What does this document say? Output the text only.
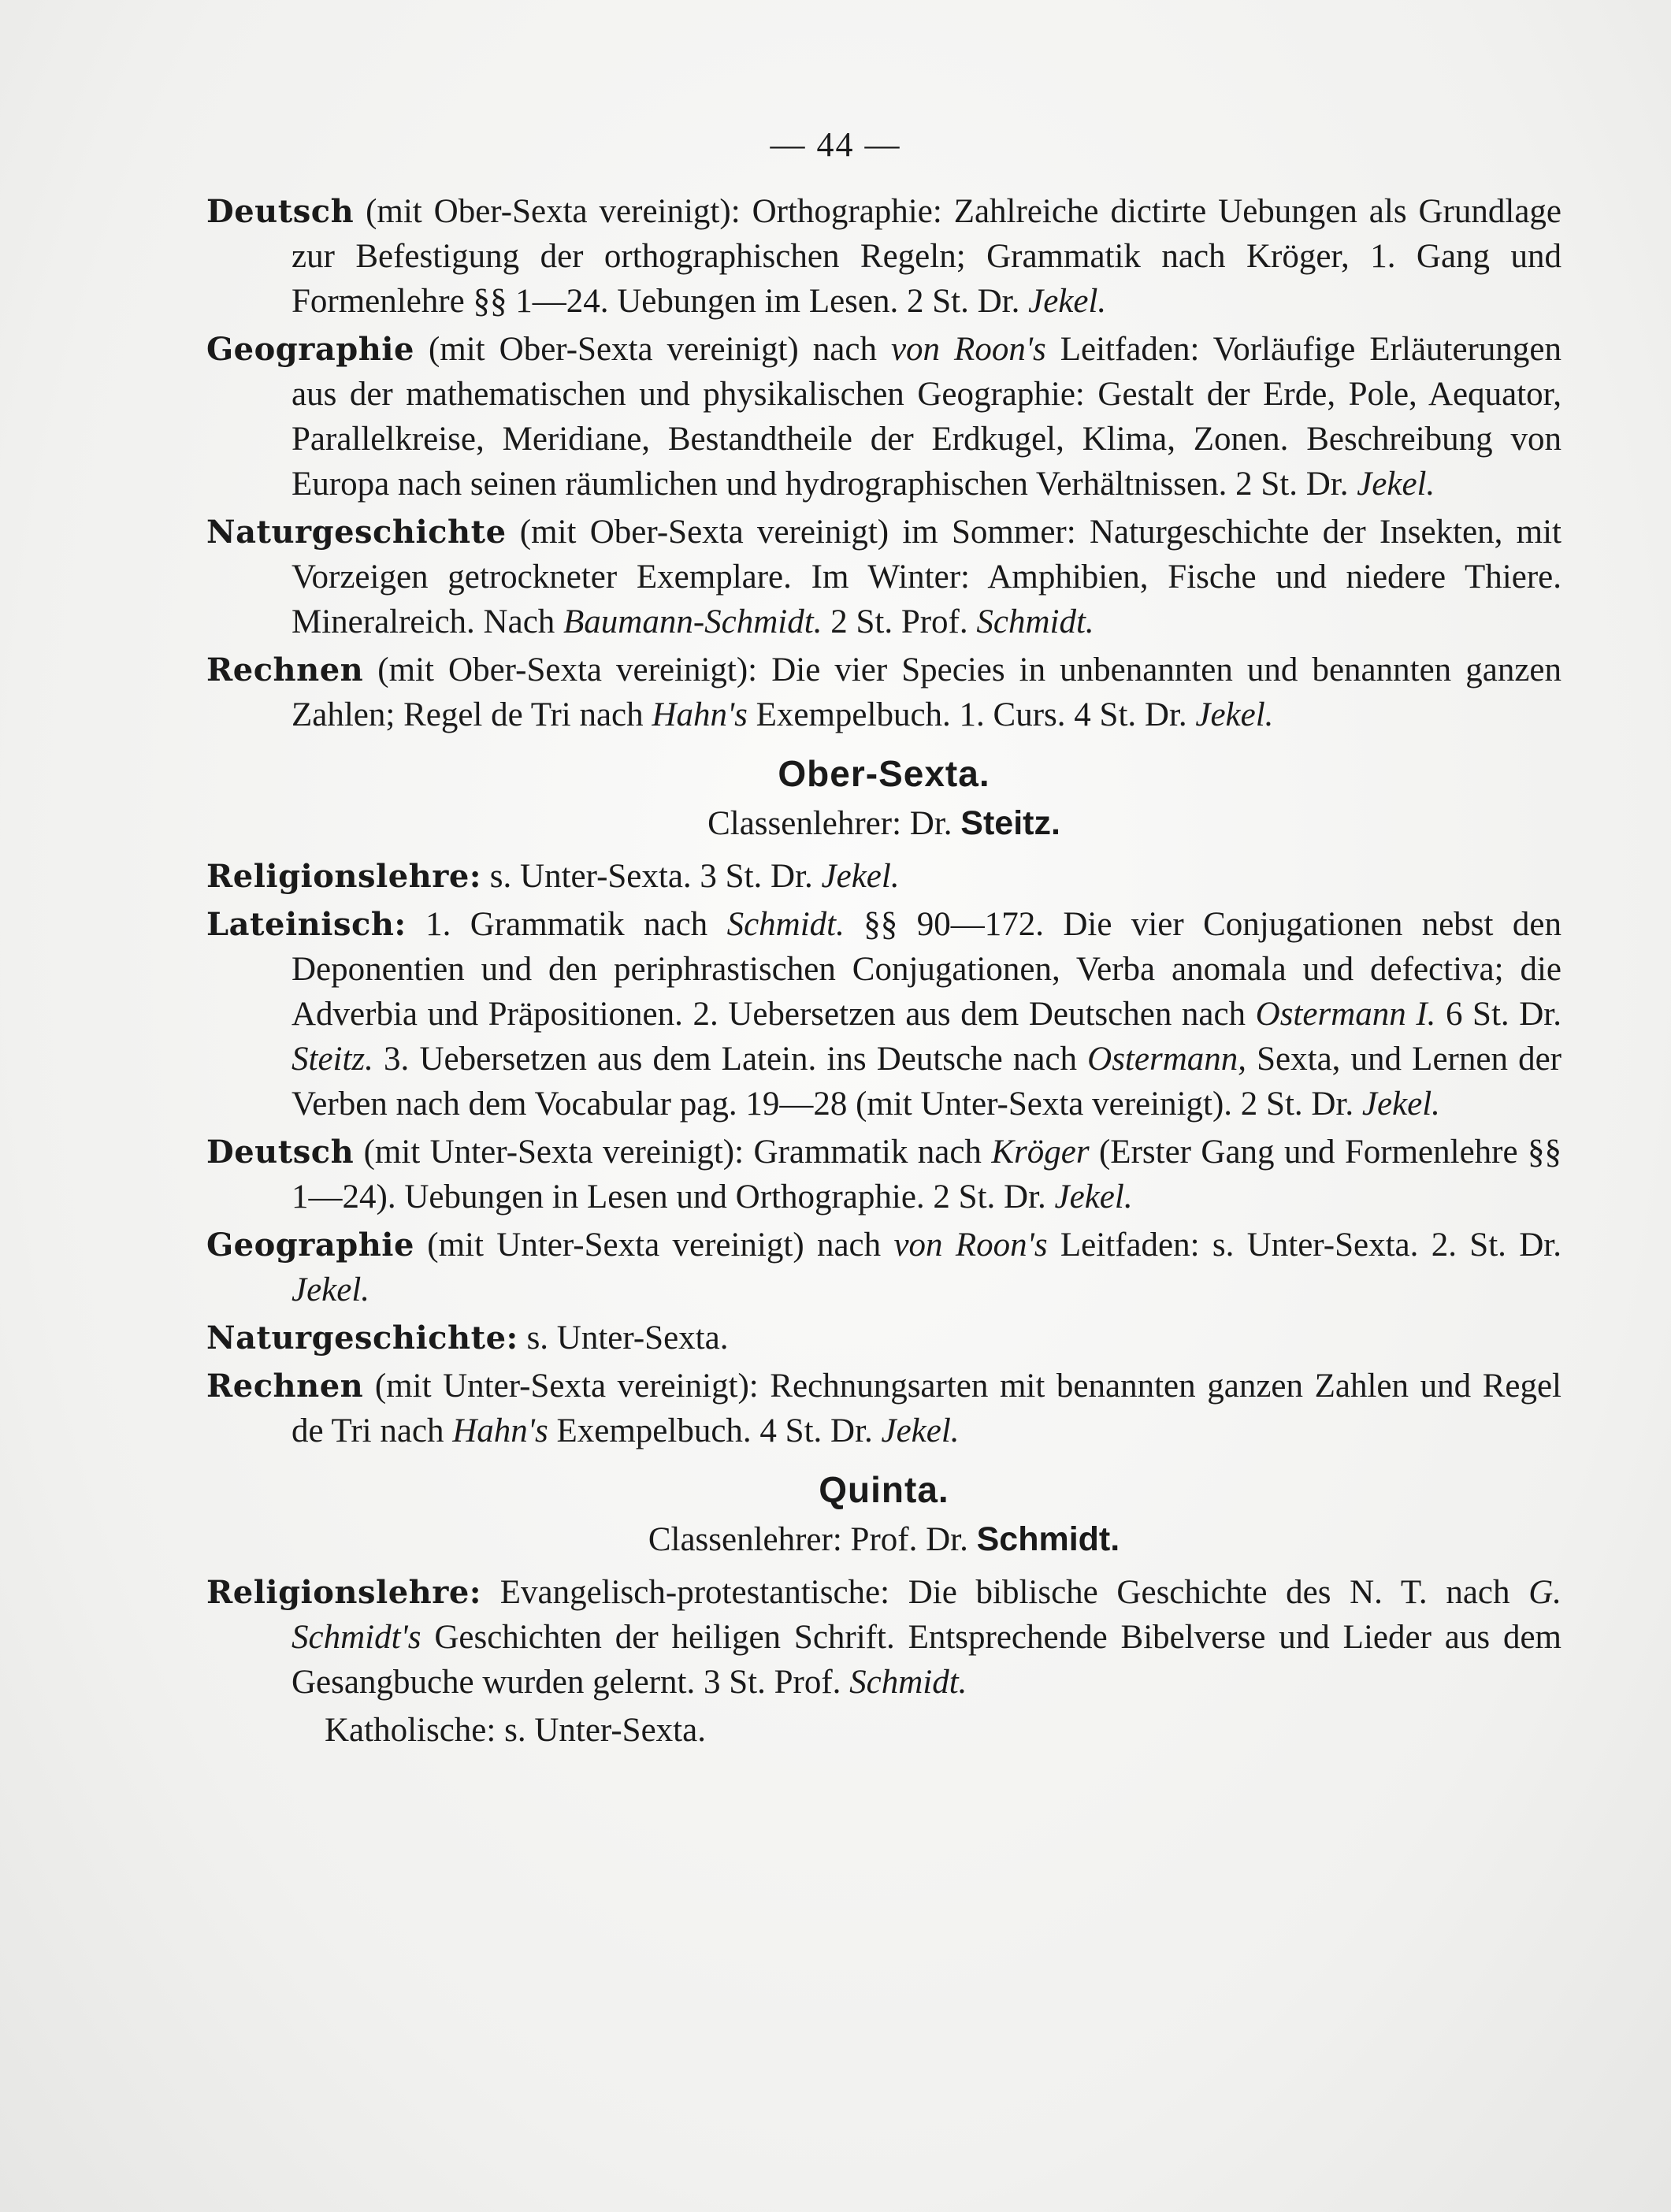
— 44 —

Deutsch (mit Ober-Sexta vereinigt): Orthographie: Zahlreiche dictirte Uebungen als Grundlage zur Befestigung der orthographischen Regeln; Grammatik nach Kröger, 1. Gang und Formenlehre §§ 1—24. Uebungen im Lesen. 2 St. Dr. Jekel.

Geographie (mit Ober-Sexta vereinigt) nach von Roon's Leitfaden: Vorläufige Erläuterungen aus der mathematischen und physikalischen Geographie: Gestalt der Erde, Pole, Aequator, Parallelkreise, Meridiane, Bestandtheile der Erdkugel, Klima, Zonen. Beschreibung von Europa nach seinen räumlichen und hydrographischen Verhältnissen. 2 St. Dr. Jekel.

Naturgeschichte (mit Ober-Sexta vereinigt) im Sommer: Naturgeschichte der Insekten, mit Vorzeigen getrockneter Exemplare. Im Winter: Amphibien, Fische und niedere Thiere. Mineralreich. Nach Baumann-Schmidt. 2 St. Prof. Schmidt.

Rechnen (mit Ober-Sexta vereinigt): Die vier Species in unbenannten und benannten ganzen Zahlen; Regel de Tri nach Hahn's Exempelbuch. 1. Curs. 4 St. Dr. Jekel.

Ober-Sexta.
Classenlehrer: Dr. Steitz.

Religionslehre: s. Unter-Sexta. 3 St. Dr. Jekel.

Lateinisch: 1. Grammatik nach Schmidt. §§ 90—172. Die vier Conjugationen nebst den Deponentien und den periphrastischen Conjugationen, Verba anomala und defectiva; die Adverbia und Präpositionen. 2. Uebersetzen aus dem Deutschen nach Ostermann I. 6 St. Dr. Steitz. 3. Uebersetzen aus dem Latein. ins Deutsche nach Ostermann, Sexta, und Lernen der Verben nach dem Vocabular pag. 19—28 (mit Unter-Sexta vereinigt). 2 St. Dr. Jekel.

Deutsch (mit Unter-Sexta vereinigt): Grammatik nach Kröger (Erster Gang und Formenlehre §§ 1—24). Uebungen in Lesen und Orthographie. 2 St. Dr. Jekel.

Geographie (mit Unter-Sexta vereinigt) nach von Roon's Leitfaden: s. Unter-Sexta. 2. St. Dr. Jekel.

Naturgeschichte: s. Unter-Sexta.

Rechnen (mit Unter-Sexta vereinigt): Rechnungsarten mit benannten ganzen Zahlen und Regel de Tri nach Hahn's Exempelbuch. 4 St. Dr. Jekel.

Quinta.
Classenlehrer: Prof. Dr. Schmidt.

Religionslehre: Evangelisch-protestantische: Die biblische Geschichte des N. T. nach G. Schmidt's Geschichten der heiligen Schrift. Entsprechende Bibelverse und Lieder aus dem Gesangbuche wurden gelernt. 3 St. Prof. Schmidt.

Katholische: s. Unter-Sexta.
